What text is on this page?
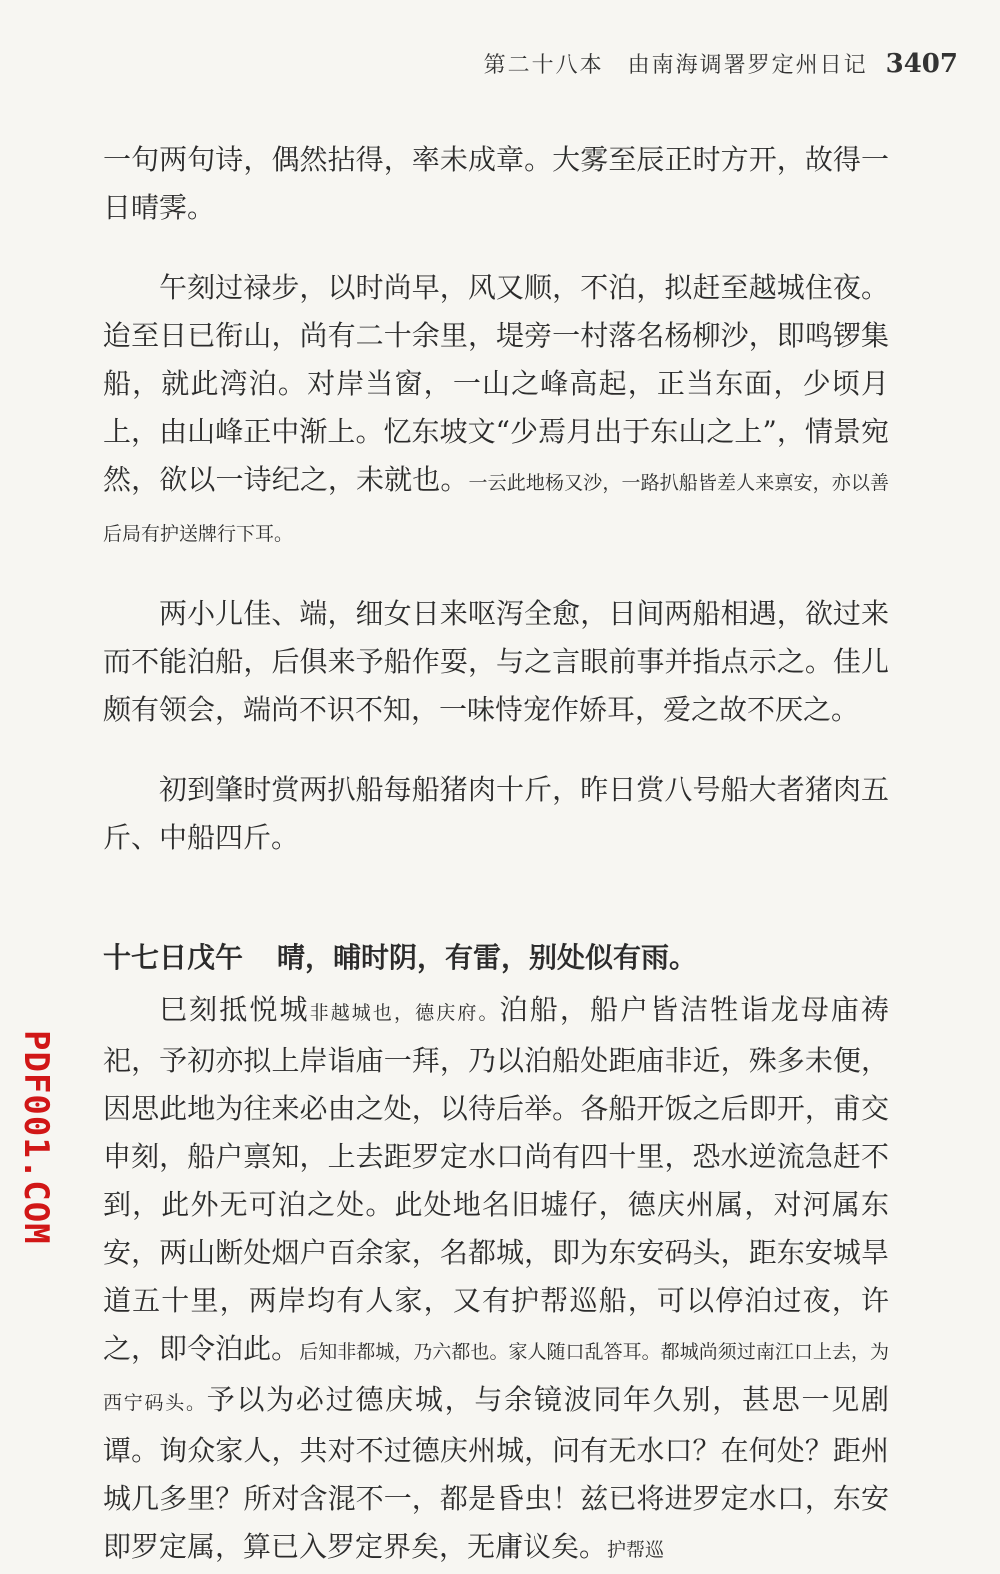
第二十八本　由南海调署罗定州日记 3407

一句两句诗，偶然拈得，率未成章。大雾至辰正时方开，故得一日晴霁。

午刻过禄步，以时尚早，风又顺，不泊，拟赶至越城住夜。迨至日已衔山，尚有二十余里，堤旁一村落名杨柳沙，即鸣锣集船，就此湾泊。对岸当窗，一山之峰高起，正当东面，少顷月上，由山峰正中渐上。忆东坡文“少焉月出于东山之上”，情景宛然，欲以一诗纪之，未就也。一云此地杨又沙，一路扒船皆差人来禀安，亦以善后局有护送牌行下耳。

两小儿佳、端，细女日来呕泻全愈，日间两船相遇，欲过来而不能泊船，后俱来予船作耍，与之言眼前事并指点示之。佳儿颇有领会，端尚不识不知，一味恃宠作娇耳，爱之故不厌之。

初到肇时赏两扒船每船猪肉十斤，昨日赏八号船大者猪肉五斤、中船四斤。

十七日戊午 晴，晡时阴，有雷，别处似有雨。

巳刻抵悦城非越城也，德庆府。泊船，船户皆洁牲诣龙母庙祷祀，予初亦拟上岸诣庙一拜，乃以泊船处距庙非近，殊多未便，因思此地为往来必由之处，以待后举。各船开饭之后即开，甫交申刻，船户禀知，上去距罗定水口尚有四十里，恐水逆流急赶不到，此外无可泊之处。此处地名旧墟仔，德庆州属，对河属东安，两山断处烟户百余家，名都城，即为东安码头，距东安城旱道五十里，两岸均有人家，又有护帮巡船，可以停泊过夜，许之，即令泊此。后知非都城，乃六都也。家人随口乱答耳。都城尚须过南江口上去，为西宁码头。予以为必过德庆城，与余镜波同年久别，甚思一见剧谭。询众家人，共对不过德庆州城，问有无水口？在何处？距州城几多里？所对含混不一，都是昏虫！兹已将进罗定水口，东安即罗定属，算已入罗定界矣，无庸议矣。护帮巡

PDF001.COM
